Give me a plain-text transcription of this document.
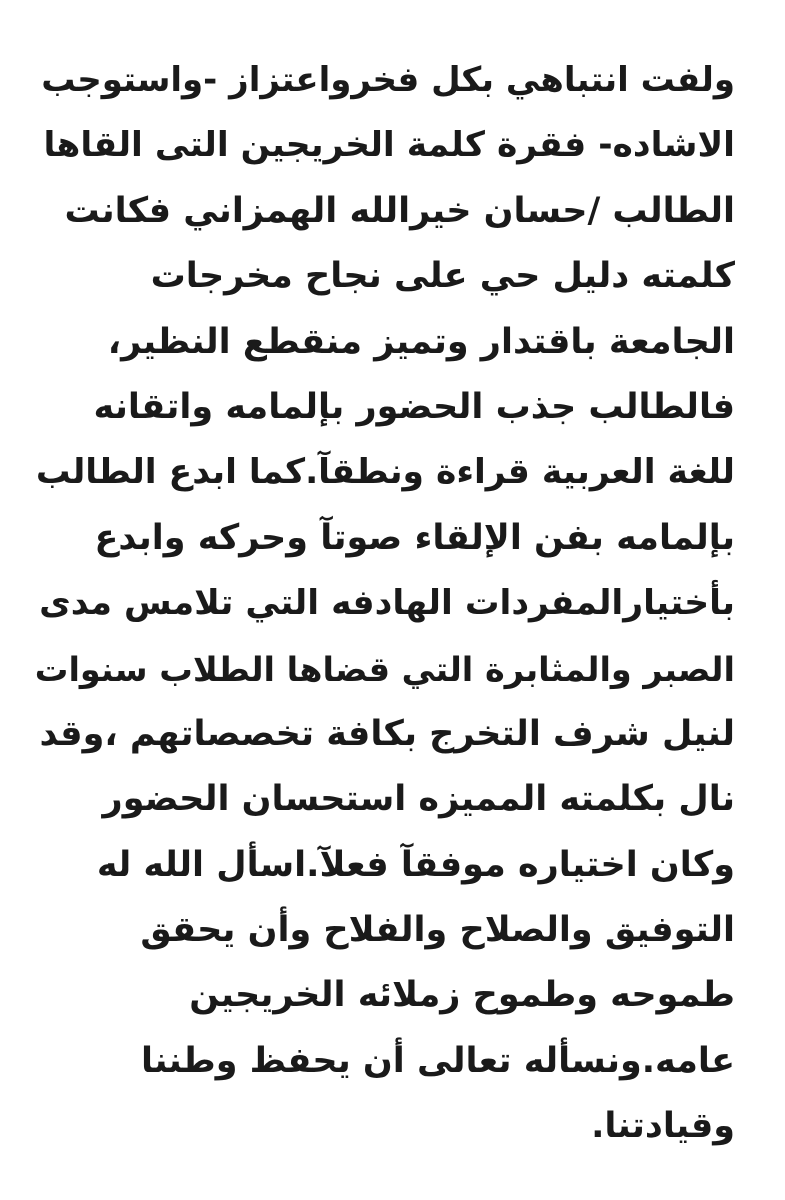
ولفت انتباهي بكل فخرواعتزاز -واستوجب
الاشاده- فقرة كلمة الخريجين التى القاها
الطالب /حسان خيرالله الهمزاني فكانت
كلمته دليل حي على نجاح مخرجات
الجامعة باقتدار وتميز منقطع النظير،
فالطالب جذب الحضور بإلمامه واتقانه
للغة العربية قراءة ونطقآ.كما ابدع الطالب
بإلمامه بفن الإلقاء صوتآ وحركه وابدع
بأختيارالمفردات الهادفه التي تلامس مدى
الصبر والمثابرة التي قضاها الطلاب سنوات
لنيل شرف التخرج بكافة تخصصاتهم ،وقد
نال بكلمته المميزه استحسان الحضور
وكان اختياره موفقآ فعلآ.اسأل الله له
التوفيق والصلاح والفلاح وأن يحقق
طموحه وطموح زملائه الخريجين
عامه.ونسأله تعالى أن يحفظ وطننا
وقيادتنا.
